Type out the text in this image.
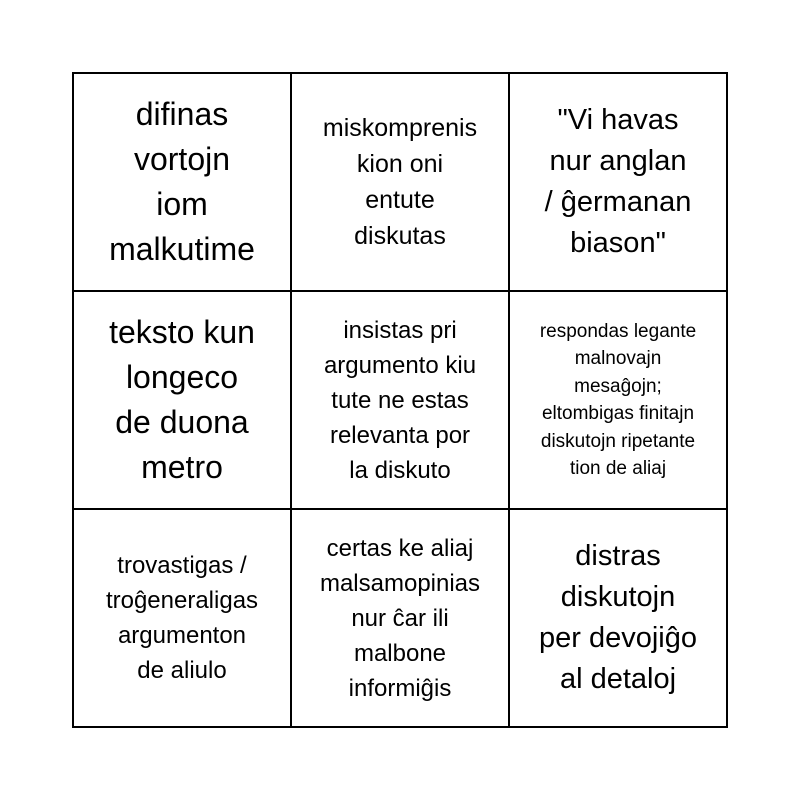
difinas
vortojn
iom
malkutime
miskomprenis
kion oni
entute
diskutas
"Vi havas
nur anglan
/ ĝermanan
biason"
teksto kun
longeco
de duona
metro
insistas pri
argumento kiu
tute ne estas
relevanta por
la diskuto
respondas legante
malnovajn
mesaĝojn;
eltombigas finitajn
diskutojn ripetante
tion de aliaj
trovastigas /
troĝeneraligas
argumenton
de aliulo
certas ke aliaj
malsamopinias
nur ĉar ili
malbone
informiĝis
distras
diskutojn
per devojiĝo
al detaloj
